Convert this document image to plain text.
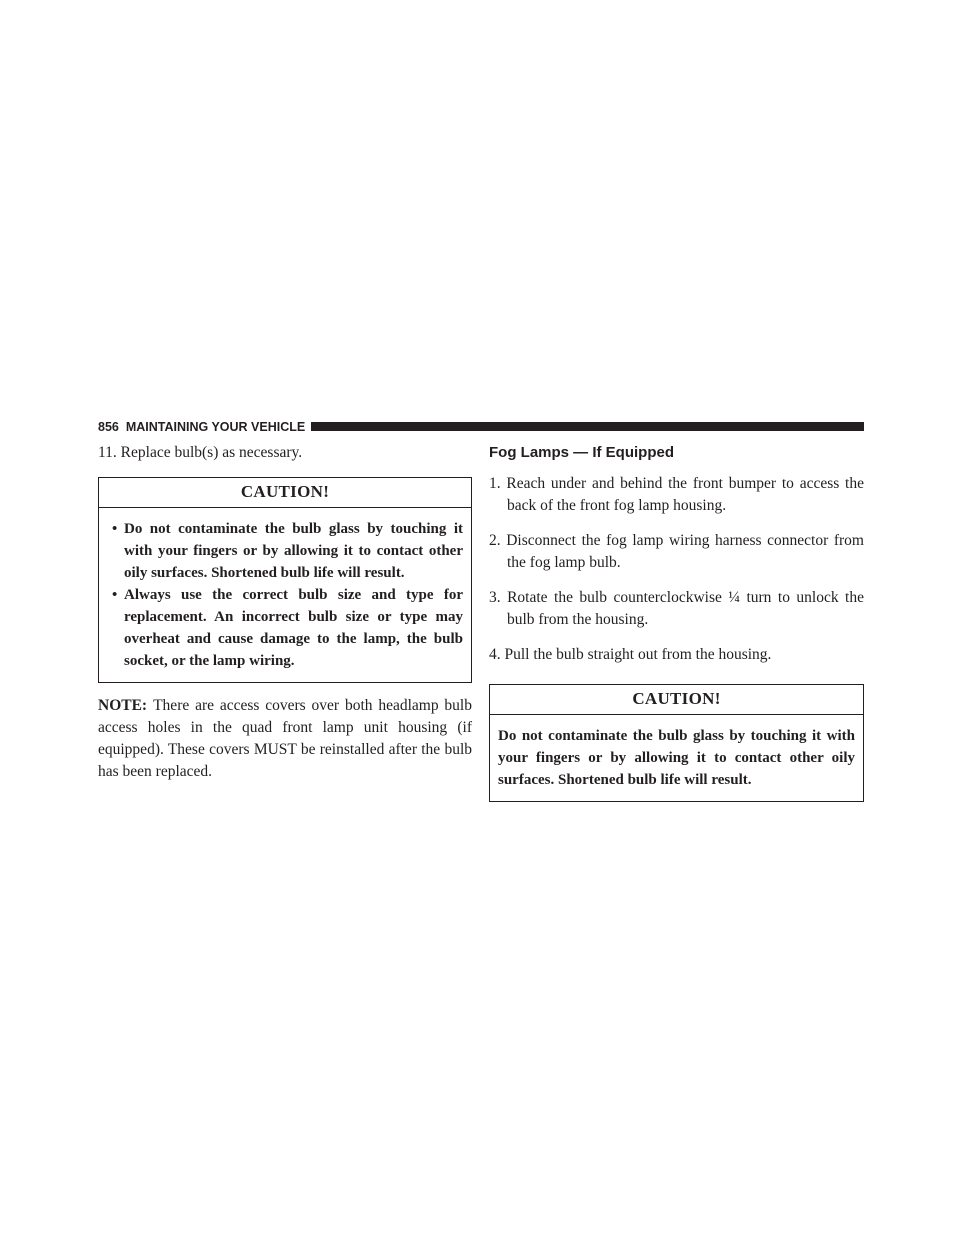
856 MAINTAINING YOUR VEHICLE

11. Replace bulb(s) as necessary.

CAUTION!

• Do not contaminate the bulb glass by touching it with your fingers or by allowing it to contact other oily surfaces. Shortened bulb life will result.

• Always use the correct bulb size and type for replacement. An incorrect bulb size or type may overheat and cause damage to the lamp, the bulb socket, or the lamp wiring.

NOTE: There are access covers over both headlamp bulb access holes in the quad front lamp unit housing (if equipped). These covers MUST be reinstalled after the bulb has been replaced.

Fog Lamps — If Equipped

1. Reach under and behind the front bumper to access the back of the front fog lamp housing.

2. Disconnect the fog lamp wiring harness connector from the fog lamp bulb.

3. Rotate the bulb counterclockwise ¼ turn to unlock the bulb from the housing.

4. Pull the bulb straight out from the housing.

CAUTION!

Do not contaminate the bulb glass by touching it with your fingers or by allowing it to contact other oily surfaces. Shortened bulb life will result.
